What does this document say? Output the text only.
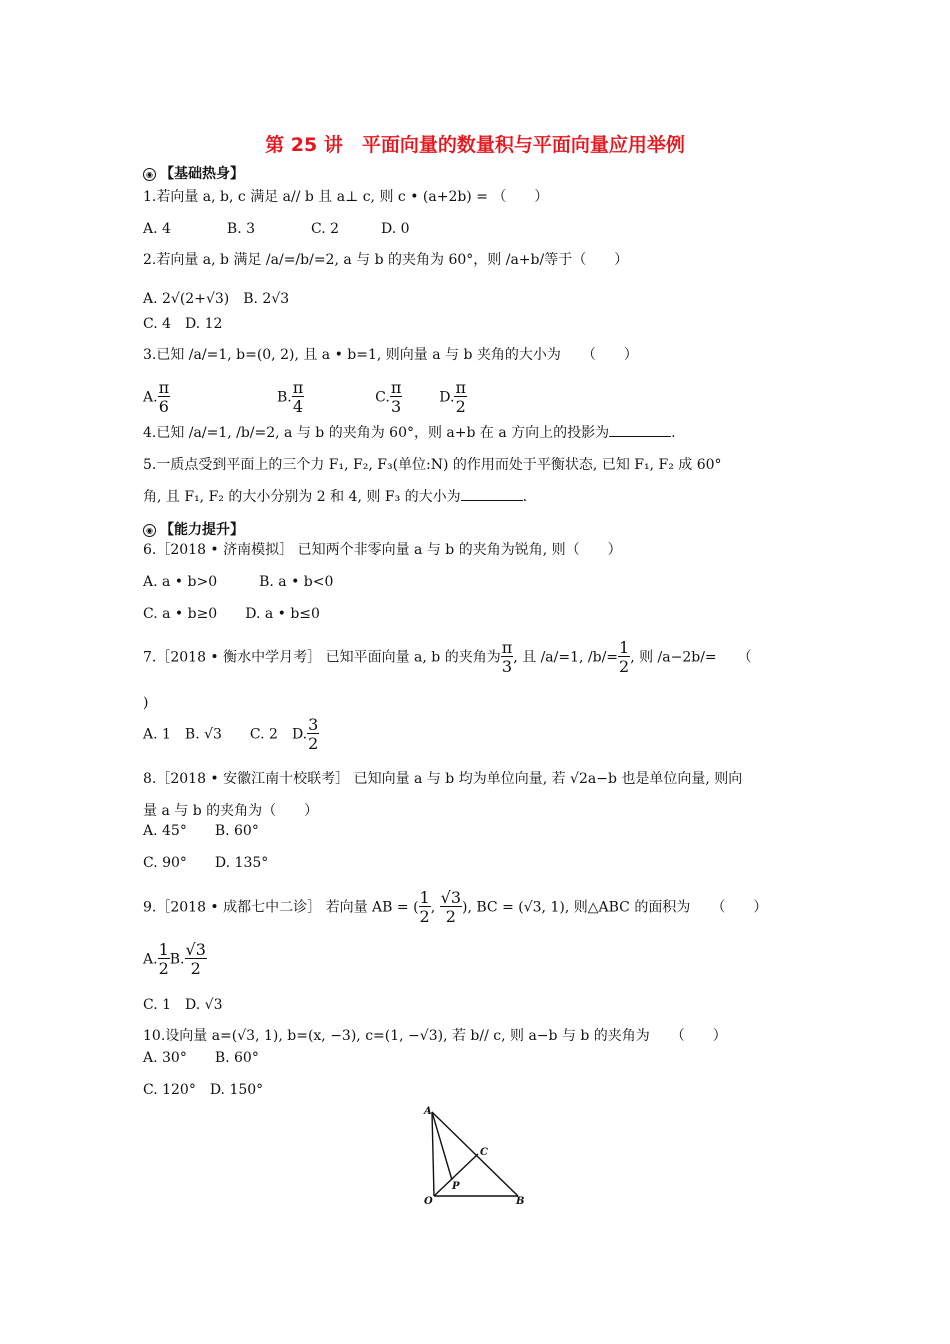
第 25 讲　平面向量的数量积与平面向量应用举例
◉ 【基础热身】
1.若向量 a, b, c 满足 a// b 且 a⊥ c, 则 c • (a+2b) = （　　）
A. 4　　　　B. 3　　　　C. 2　　　D. 0
2.若向量 a, b 满足 /a/=/b/=2, a 与 b 的夹角为 60°，则 /a+b/等于（　　）
A. 2√(2+√3)　B. 2√3
C. 4　D. 12
3.已知 /a/=1, b=(0, 2), 且 a • b=1, 则向量 a 与 b 夹角的大小为　　（　　）
A. $\frac{\pi}{6}$	B. $\frac{\pi}{4}$	C. $\frac{\pi}{3}$	D. $\frac{\pi}{2}$
4.已知 /a/=1, /b/=2, a 与 b 的夹角为 60°，则 a+b 在 a 方向上的投影为	.
5.一质点受到平面上的三个力 F₁, F₂, F₃(单位:N) 的作用而处于平衡状态, 已知 F₁, F₂ 成 60°
角, 且 F₁, F₂ 的大小分别为 2 和 4, 则 F₃ 的大小为	.
◉ 【能力提升】
6.［2018 • 济南模拟］ 已知两个非零向量 a 与 b 的夹角为锐角, 则（　　）
A. a • b>0　　　B. a • b<0
C. a • b≥0　　D. a • b≤0
7.［2018 • 衡水中学月考］ 已知平面向量 a, b 的夹角为 $\frac{\pi}{3}$ , 且 /a/=1, $/b/= \frac{1}{2}$ , 则 /a−2b/=　　（
)
A. 1　B. √3　　C. 2　D. $\frac{3}{2}$
8.［2018 • 安徽江南十校联考］ 已知向量 a 与 b 均为单位向量, 若 √2a−b 也是单位向量, 则向
量 a 与 b 的夹角为（　　）
A. 45°　　B. 60°
C. 90°　　D. 135°
9.［2018 • 成都七中二诊］ 若向量 AB = ( $\frac{1}{2}$ , $\frac{√3}{2}$ ), BC = (√3, 1), 则△ABC 的面积为　　（　　）
A. $\frac{1}{2} B$. $\frac{√3}{2}$
C. 1　D. √3
10.设向量 a=(√3, 1), b=(x, −3), c=(1, −√3), 若 b// c, 则 a−b 与 b 的夹角为　　（　　）
A. 30°　　B. 60°
C. 120°　D. 150°
A
C
P
O	B
